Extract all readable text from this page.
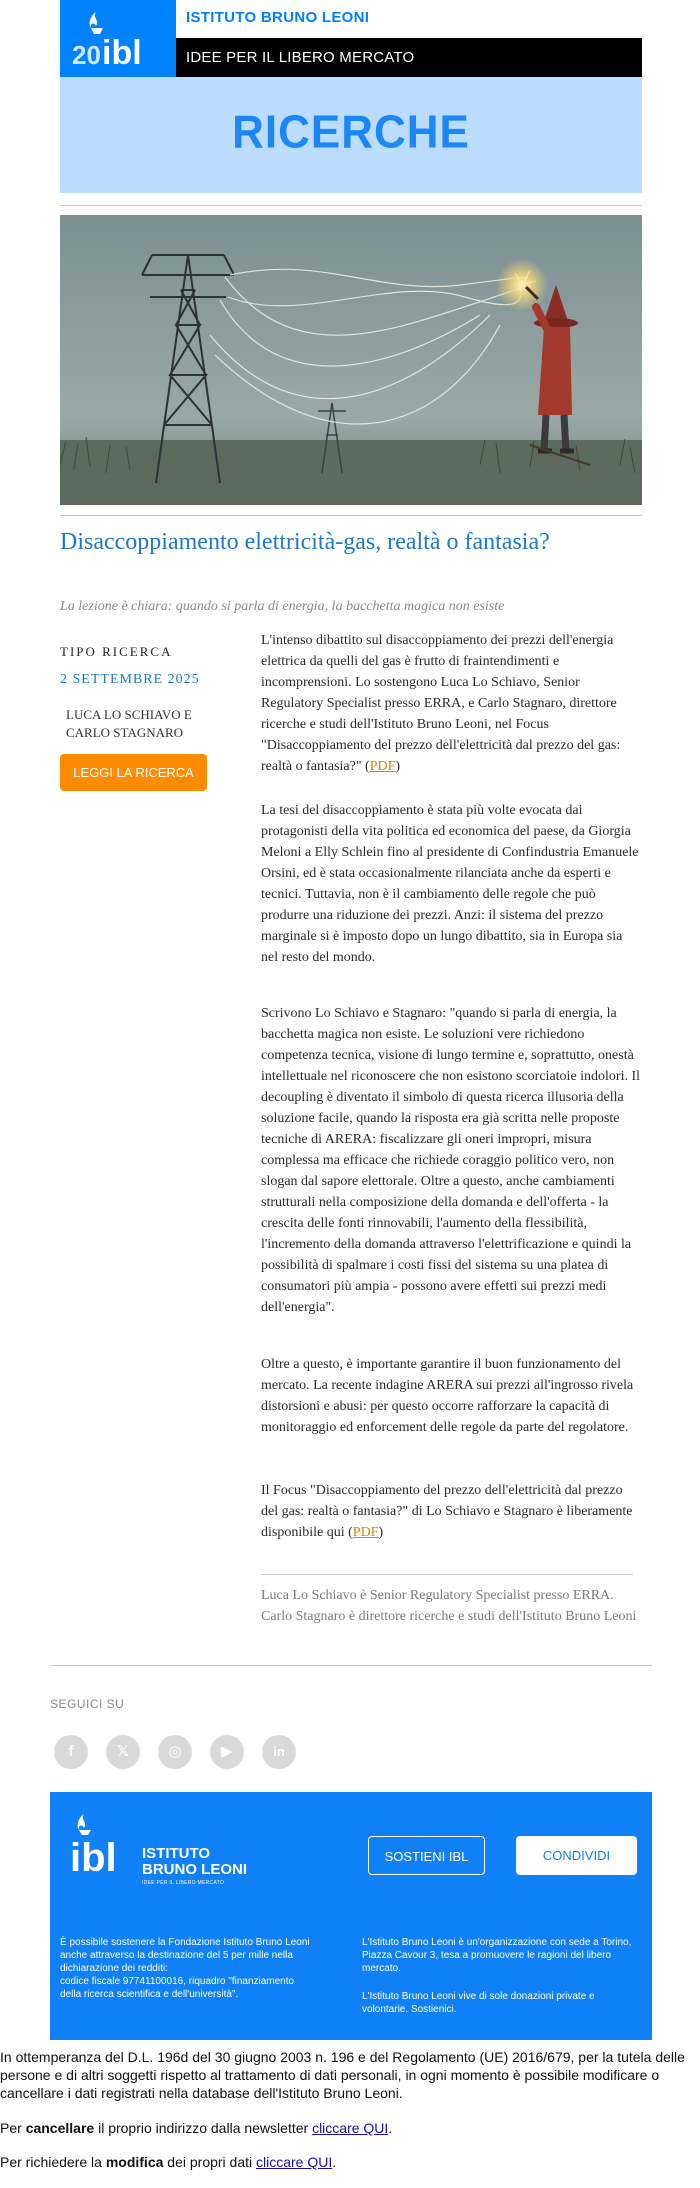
20 ibl
ISTITUTO BRUNO LEONI
IDEE PER IL LIBERO MERCATO
RICERCHE
Disaccoppiamento elettricità-gas, realtà o fantasia?
La lezione è chiara: quando si parla di energia, la bacchetta magica non esiste
TIPO RICERCA
2 SETTEMBRE 2025
LUCA LO SCHIAVO E CARLO STAGNARO
LEGGI LA RICERCA

L'intenso dibattito sul disaccoppiamento dei prezzi dell'energia elettrica da quelli del gas è frutto di fraintendimenti e incomprensioni. Lo sostengono Luca Lo Schiavo, Senior Regulatory Specialist presso ERRA, e Carlo Stagnaro, direttore ricerche e studi dell'Istituto Bruno Leoni, nel Focus "Disaccoppiamento del prezzo dell'elettricità dal prezzo del gas: realtà o fantasia?" (PDF)

La tesi del disaccoppiamento è stata più volte evocata dai protagonisti della vita politica ed economica del paese, da Giorgia Meloni a Elly Schlein fino al presidente di Confindustria Emanuele Orsini, ed è stata occasionalmente rilanciata anche da esperti e tecnici. Tuttavia, non è il cambiamento delle regole che può produrre una riduzione dei prezzi. Anzi: il sistema del prezzo marginale si è imposto dopo un lungo dibattito, sia in Europa sia nel resto del mondo.

Scrivono Lo Schiavo e Stagnaro: "quando si parla di energia, la bacchetta magica non esiste. Le soluzioni vere richiedono competenza tecnica, visione di lungo termine e, soprattutto, onestà intellettuale nel riconoscere che non esistono scorciatoie indolori. Il decoupling è diventato il simbolo di questa ricerca illusoria della soluzione facile, quando la risposta era già scritta nelle proposte tecniche di ARERA: fiscalizzare gli oneri impropri, misura complessa ma efficace che richiede coraggio politico vero, non slogan dal sapore elettorale. Oltre a questo, anche cambiamenti strutturali nella composizione della domanda e dell'offerta - la crescita delle fonti rinnovabili, l'aumento della flessibilità, l'incremento della domanda attraverso l'elettrificazione e quindi la possibilità di spalmare i costi fissi del sistema su una platea di consumatori più ampia - possono avere effetti sui prezzi medi dell'energia".

Oltre a questo, è importante garantire il buon funzionamento del mercato. La recente indagine ARERA sui prezzi all'ingrosso rivela distorsioni e abusi: per questo occorre rafforzare la capacità di monitoraggio ed enforcement delle regole da parte del regolatore.

Il Focus "Disaccoppiamento del prezzo dell'elettricità dal prezzo del gas: realtà o fantasia?" di Lo Schiavo e Stagnaro è liberamente disponibile qui (PDF)

Luca Lo Schiavo è Senior Regulatory Specialist presso ERRA. Carlo Stagnaro è direttore ricerche e studi dell'Istituto Bruno Leoni
SEGUICI SU
f	𝕏	◎	▶	in
ibl ISTITUTO
BRUNO LEONI
IDEE PER IL LIBERO MERCATO
SOSTIENI IBL	CONDIVIDI
È possibile sostenere la Fondazione Istituto Bruno Leoni anche attraverso la destinazione del 5 per mille nella dichiarazione dei redditi:
codice fiscale 97741100016, riquadro "finanziamento della ricerca scientifica e dell'università".
L'Istituto Bruno Leoni è un'organizzazione con sede a Torino, Piazza Cavour 3, tesa a promuovere le ragioni del libero mercato.
L'Istituto Bruno Leoni vive di sole donazioni private e volontarie. Sostienici.
In ottemperanza del D.L. 196d del 30 giugno 2003 n. 196 e del Regolamento (UE) 2016/679, per la tutela delle persone e di altri soggetti rispetto al trattamento di dati personali, in ogni momento è possibile modificare o cancellare i dati registrati nella database dell'Istituto Bruno Leoni.
Per cancellare il proprio indirizzo dalla newsletter cliccare QUI.
Per richiedere la modifica dei propri dati cliccare QUI.
